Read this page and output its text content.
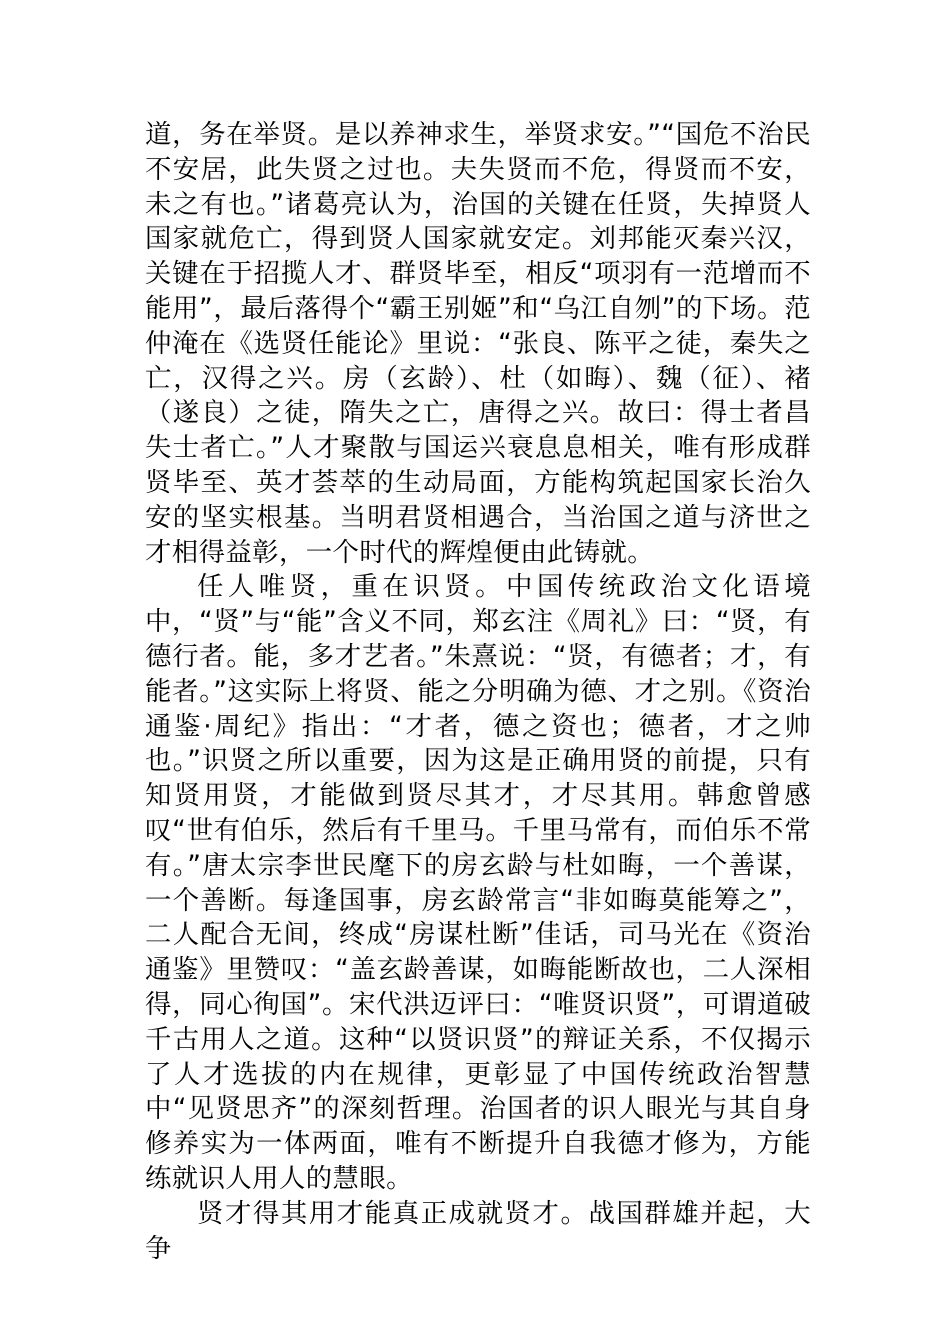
道，务在举贤。是以养神求生，举贤求安。”“国危不治民不安居，此失贤之过也。夫失贤而不危，得贤而不安，未之有也。”诸葛亮认为，治国的关键在任贤，失掉贤人国家就危亡，得到贤人国家就安定。刘邦能灭秦兴汉，关键在于招揽人才、群贤毕至，相反“项羽有一范增而不能用”，最后落得个“霸王别姬”和“乌江自刎”的下场。范仲淹在《选贤任能论》里说：“张良、陈平之徒，秦失之亡，汉得之兴。房（玄龄）、杜（如晦）、魏（征）、褚（遂良）之徒，隋失之亡，唐得之兴。故曰：得士者昌失士者亡。”人才聚散与国运兴衰息息相关，唯有形成群贤毕至、英才荟萃的生动局面，方能构筑起国家长治久安的坚实根基。当明君贤相遇合，当治国之道与济世之才相得益彰，一个时代的辉煌便由此铸就。

任人唯贤，重在识贤。中国传统政治文化语境中，“贤”与“能”含义不同，郑玄注《周礼》曰：“贤，有德行者。能，多才艺者。”朱熹说：“贤，有德者；才，有能者。”这实际上将贤、能之分明确为德、才之别。《资治通鉴·周纪》指出：“才者，德之资也；德者，才之帅也。”识贤之所以重要，因为这是正确用贤的前提，只有知贤用贤，才能做到贤尽其才，才尽其用。韩愈曾感叹“世有伯乐，然后有千里马。千里马常有，而伯乐不常有。”唐太宗李世民麾下的房玄龄与杜如晦，一个善谋，一个善断。每逢国事，房玄龄常言“非如晦莫能筹之”，二人配合无间，终成“房谋杜断”佳话，司马光在《资治通鉴》里赞叹：“盖玄龄善谋，如晦能断故也，二人深相得，同心徇国”。宋代洪迈评曰：“唯贤识贤”，可谓道破千古用人之道。这种“以贤识贤”的辩证关系，不仅揭示了人才选拔的内在规律，更彰显了中国传统政治智慧中“见贤思齐”的深刻哲理。治国者的识人眼光与其自身修养实为一体两面，唯有不断提升自我德才修为，方能练就识人用人的慧眼。

贤才得其用才能真正成就贤才。战国群雄并起，大争
